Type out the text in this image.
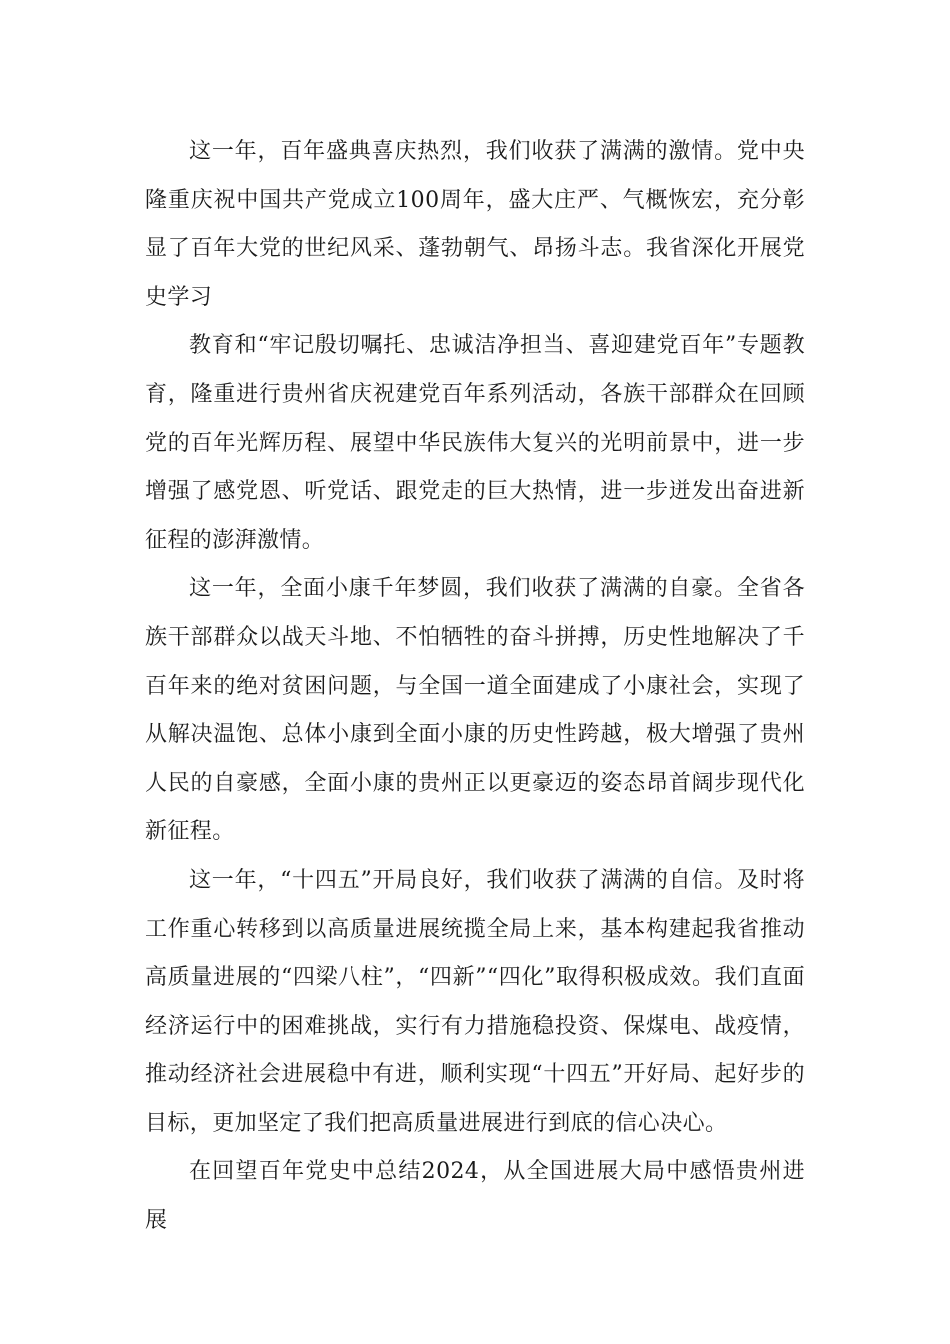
这一年，百年盛典喜庆热烈，我们收获了满满的激情。党中央隆重庆祝中国共产党成立100周年，盛大庄严、气概恢宏，充分彰显了百年大党的世纪风采、蓬勃朝气、昂扬斗志。我省深化开展党史学习

教育和“牢记殷切嘱托、忠诚洁净担当、喜迎建党百年”专题教育，隆重进行贵州省庆祝建党百年系列活动，各族干部群众在回顾党的百年光辉历程、展望中华民族伟大复兴的光明前景中，进一步增强了感党恩、听党话、跟党走的巨大热情，进一步迸发出奋进新征程的澎湃激情。

这一年，全面小康千年梦圆，我们收获了满满的自豪。全省各族干部群众以战天斗地、不怕牺牲的奋斗拼搏，历史性地解决了千百年来的绝对贫困问题，与全国一道全面建成了小康社会，实现了从解决温饱、总体小康到全面小康的历史性跨越，极大增强了贵州人民的自豪感，全面小康的贵州正以更豪迈的姿态昂首阔步现代化新征程。

这一年，“十四五”开局良好，我们收获了满满的自信。及时将工作重心转移到以高质量进展统揽全局上来，基本构建起我省推动高质量进展的“四梁八柱”，“四新”“四化”取得积极成效。我们直面经济运行中的困难挑战，实行有力措施稳投资、保煤电、战疫情，推动经济社会进展稳中有进，顺利实现“十四五”开好局、起好步的目标，更加坚定了我们把高质量进展进行到底的信心决心。

在回望百年党史中总结2024，从全国进展大局中感悟贵州进展
